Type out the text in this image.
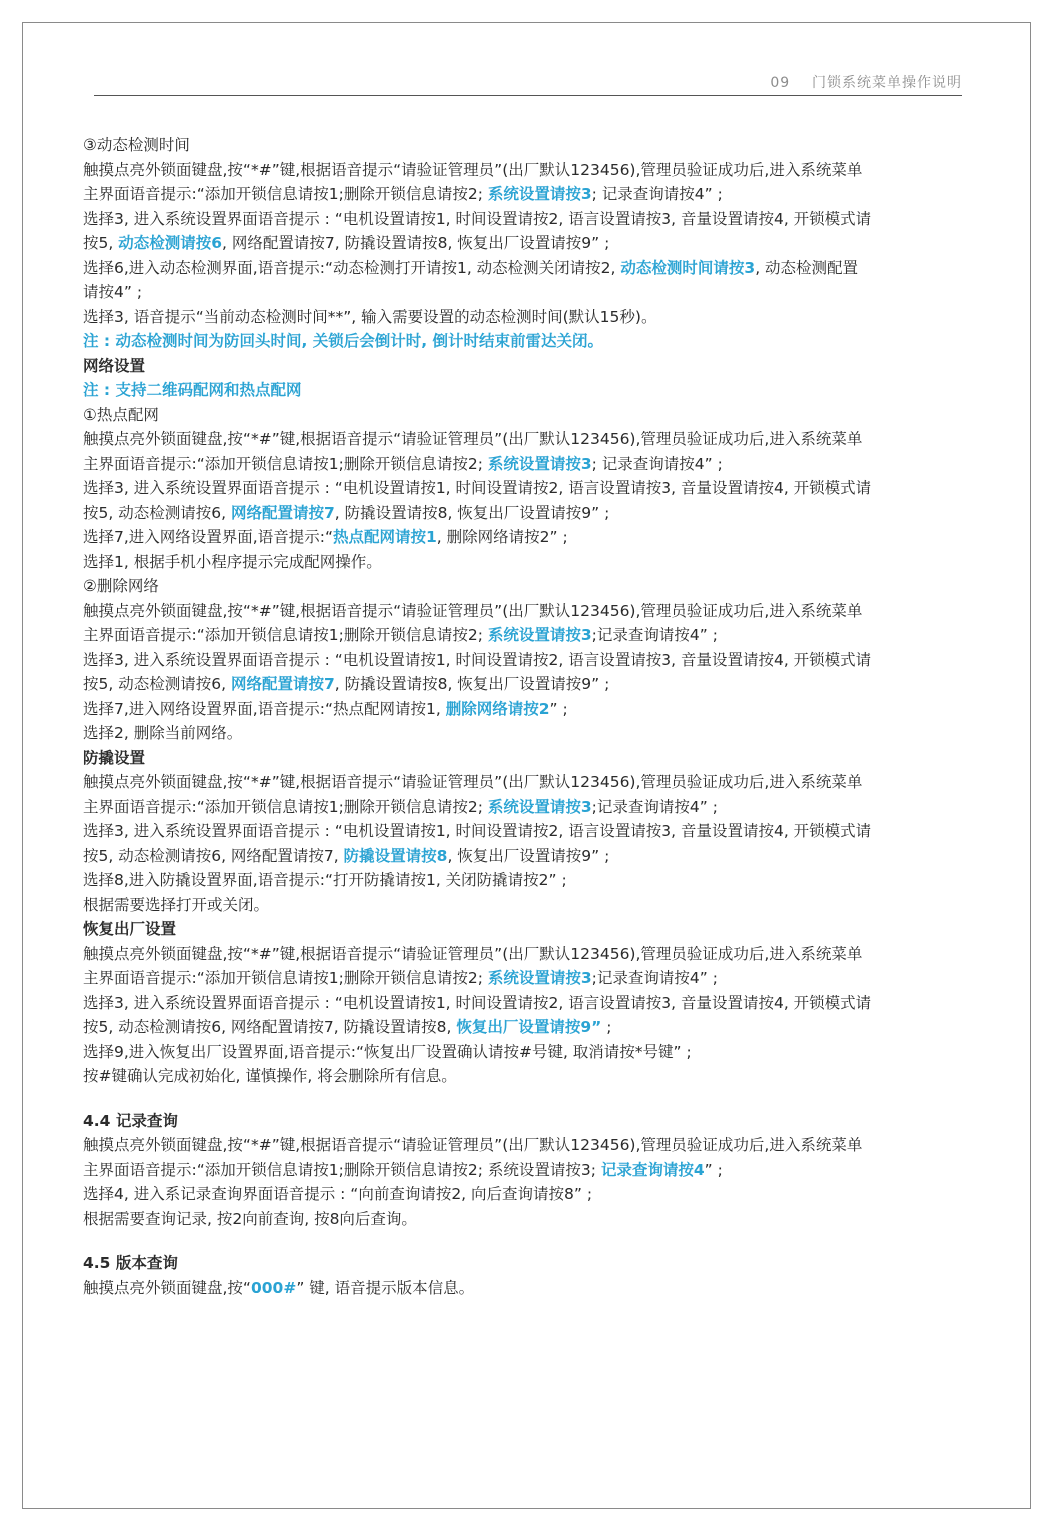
09 门锁系统菜单操作说明
③动态检测时间
触摸点亮外锁面键盘,按“*#”键,根据语音提示“请验证管理员”(出厂默认123456),管理员验证成功后,进入系统菜单
主界面语音提示:“添加开锁信息请按1;删除开锁信息请按2; 系统设置请按3; 记录查询请按4” ;
选择3, 进入系统设置界面语音提示 : “电机设置请按1, 时间设置请按2, 语言设置请按3, 音量设置请按4, 开锁模式请
按5, 动态检测请按6, 网络配置请按7, 防撬设置请按8, 恢复出厂设置请按9” ;
选择6,进入动态检测界面,语音提示:“动态检测打开请按1, 动态检测关闭请按2, 动态检测时间请按3, 动态检测配置
请按4” ;
选择3, 语音提示“当前动态检测时间**”, 输入需要设置的动态检测时间(默认15秒)。
注 : 动态检测时间为防回头时间, 关锁后会倒计时, 倒计时结束前雷达关闭。
网络设置
注 : 支持二维码配网和热点配网
①热点配网
触摸点亮外锁面键盘,按“*#”键,根据语音提示“请验证管理员”(出厂默认123456),管理员验证成功后,进入系统菜单
主界面语音提示:“添加开锁信息请按1;删除开锁信息请按2; 系统设置请按3; 记录查询请按4” ;
选择3, 进入系统设置界面语音提示 : “电机设置请按1, 时间设置请按2, 语言设置请按3, 音量设置请按4, 开锁模式请
按5, 动态检测请按6, 网络配置请按7, 防撬设置请按8, 恢复出厂设置请按9” ;
选择7,进入网络设置界面,语音提示:“热点配网请按1, 删除网络请按2” ;
选择1, 根据手机小程序提示完成配网操作。
②删除网络
触摸点亮外锁面键盘,按“*#”键,根据语音提示“请验证管理员”(出厂默认123456),管理员验证成功后,进入系统菜单
主界面语音提示:“添加开锁信息请按1;删除开锁信息请按2; 系统设置请按3;记录查询请按4” ;
选择3, 进入系统设置界面语音提示 : “电机设置请按1, 时间设置请按2, 语言设置请按3, 音量设置请按4, 开锁模式请
按5, 动态检测请按6, 网络配置请按7, 防撬设置请按8, 恢复出厂设置请按9” ;
选择7,进入网络设置界面,语音提示:“热点配网请按1, 删除网络请按2” ;
选择2, 删除当前网络。
防撬设置
触摸点亮外锁面键盘,按“*#”键,根据语音提示“请验证管理员”(出厂默认123456),管理员验证成功后,进入系统菜单
主界面语音提示:“添加开锁信息请按1;删除开锁信息请按2; 系统设置请按3;记录查询请按4” ;
选择3, 进入系统设置界面语音提示 : “电机设置请按1, 时间设置请按2, 语言设置请按3, 音量设置请按4, 开锁模式请
按5, 动态检测请按6, 网络配置请按7, 防撬设置请按8, 恢复出厂设置请按9” ;
选择8,进入防撬设置界面,语音提示:“打开防撬请按1, 关闭防撬请按2” ;
根据需要选择打开或关闭。
恢复出厂设置
触摸点亮外锁面键盘,按“*#”键,根据语音提示“请验证管理员”(出厂默认123456),管理员验证成功后,进入系统菜单
主界面语音提示:“添加开锁信息请按1;删除开锁信息请按2; 系统设置请按3;记录查询请按4” ;
选择3, 进入系统设置界面语音提示 : “电机设置请按1, 时间设置请按2, 语言设置请按3, 音量设置请按4, 开锁模式请
按5, 动态检测请按6, 网络配置请按7, 防撬设置请按8, 恢复出厂设置请按9” ;
选择9,进入恢复出厂设置界面,语音提示:“恢复出厂设置确认请按#号键, 取消请按*号键” ;
按#键确认完成初始化, 谨慎操作, 将会删除所有信息。
4.4 记录查询
触摸点亮外锁面键盘,按“*#”键,根据语音提示“请验证管理员”(出厂默认123456),管理员验证成功后,进入系统菜单
主界面语音提示:“添加开锁信息请按1;删除开锁信息请按2; 系统设置请按3; 记录查询请按4” ;
选择4, 进入系记录查询界面语音提示 : “向前查询请按2, 向后查询请按8” ;
根据需要查询记录, 按2向前查询, 按8向后查询。
4.5 版本查询
触摸点亮外锁面键盘,按“000#” 键, 语音提示版本信息。
